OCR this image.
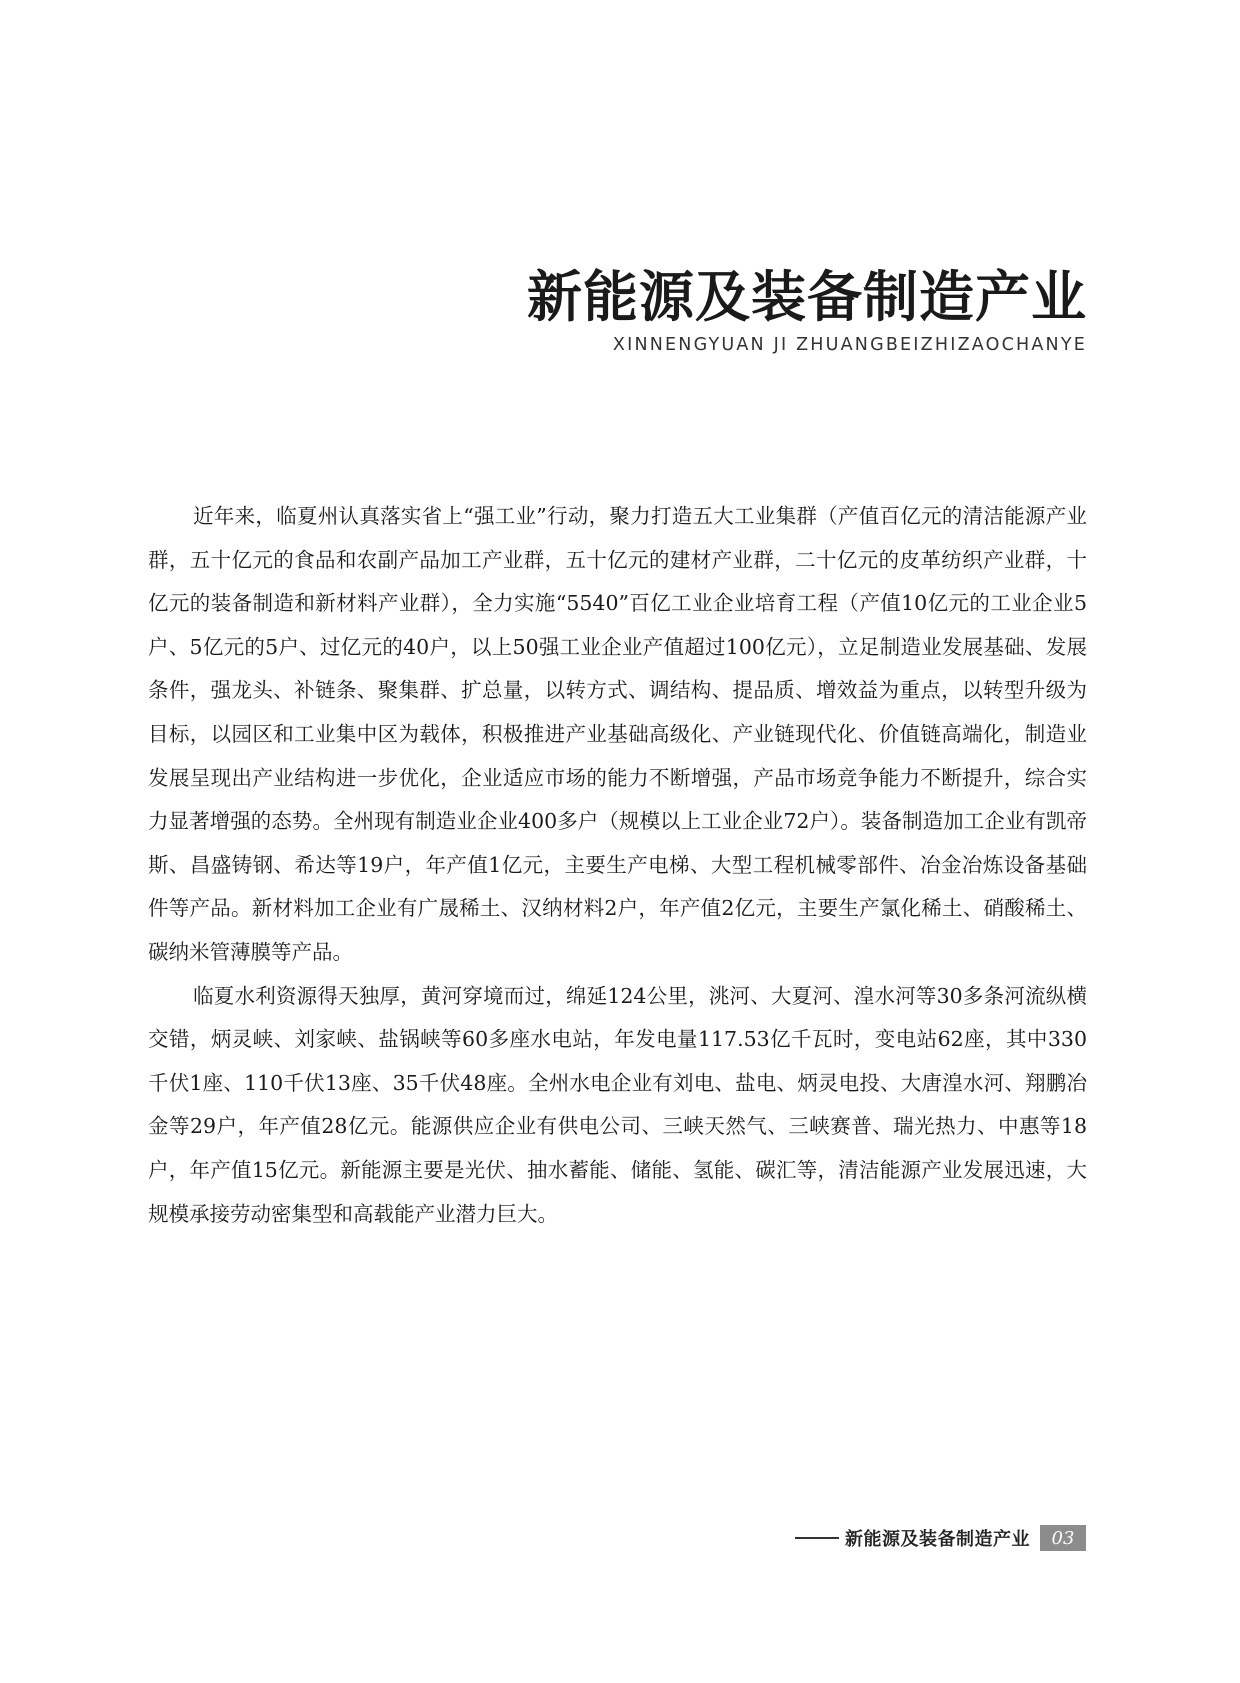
新能源及装备制造产业
XINNENGYUAN JI ZHUANGBEIZHIZAOCHANYE

近年来，临夏州认真落实省上“强工业”行动，聚力打造五大工业集群（产值百亿元的清洁能源产业群，五十亿元的食品和农副产品加工产业群，五十亿元的建材产业群，二十亿元的皮革纺织产业群，十亿元的装备制造和新材料产业群），全力实施“5540”百亿工业企业培育工程（产值10亿元的工业企业5户、5亿元的5户、过亿元的40户，以上50强工业企业产值超过100亿元），立足制造业发展基础、发展条件，强龙头、补链条、聚集群、扩总量，以转方式、调结构、提品质、增效益为重点，以转型升级为目标，以园区和工业集中区为载体，积极推进产业基础高级化、产业链现代化、价值链高端化，制造业发展呈现出产业结构进一步优化，企业适应市场的能力不断增强，产品市场竞争能力不断提升，综合实力显著增强的态势。全州现有制造业企业400多户（规模以上工业企业72户）。装备制造加工企业有凯帝斯、昌盛铸钢、希达等19户，年产值1亿元，主要生产电梯、大型工程机械零部件、冶金冶炼设备基础件等产品。新材料加工企业有广晟稀土、汉纳材料2户，年产值2亿元，主要生产氯化稀土、硝酸稀土、碳纳米管薄膜等产品。

临夏水利资源得天独厚，黄河穿境而过，绵延124公里，洮河、大夏河、湟水河等30多条河流纵横交错，炳灵峡、刘家峡、盐锅峡等60多座水电站，年发电量117.53亿千瓦时，变电站62座，其中330千伏1座、110千伏13座、35千伏48座。全州水电企业有刘电、盐电、炳灵电投、大唐湟水河、翔鹏冶金等29户，年产值28亿元。能源供应企业有供电公司、三峡天然气、三峡赛普、瑞光热力、中惠等18户，年产值15亿元。新能源主要是光伏、抽水蓄能、储能、氢能、碳汇等，清洁能源产业发展迅速，大规模承接劳动密集型和高载能产业潜力巨大。

新能源及装备制造产业 03
